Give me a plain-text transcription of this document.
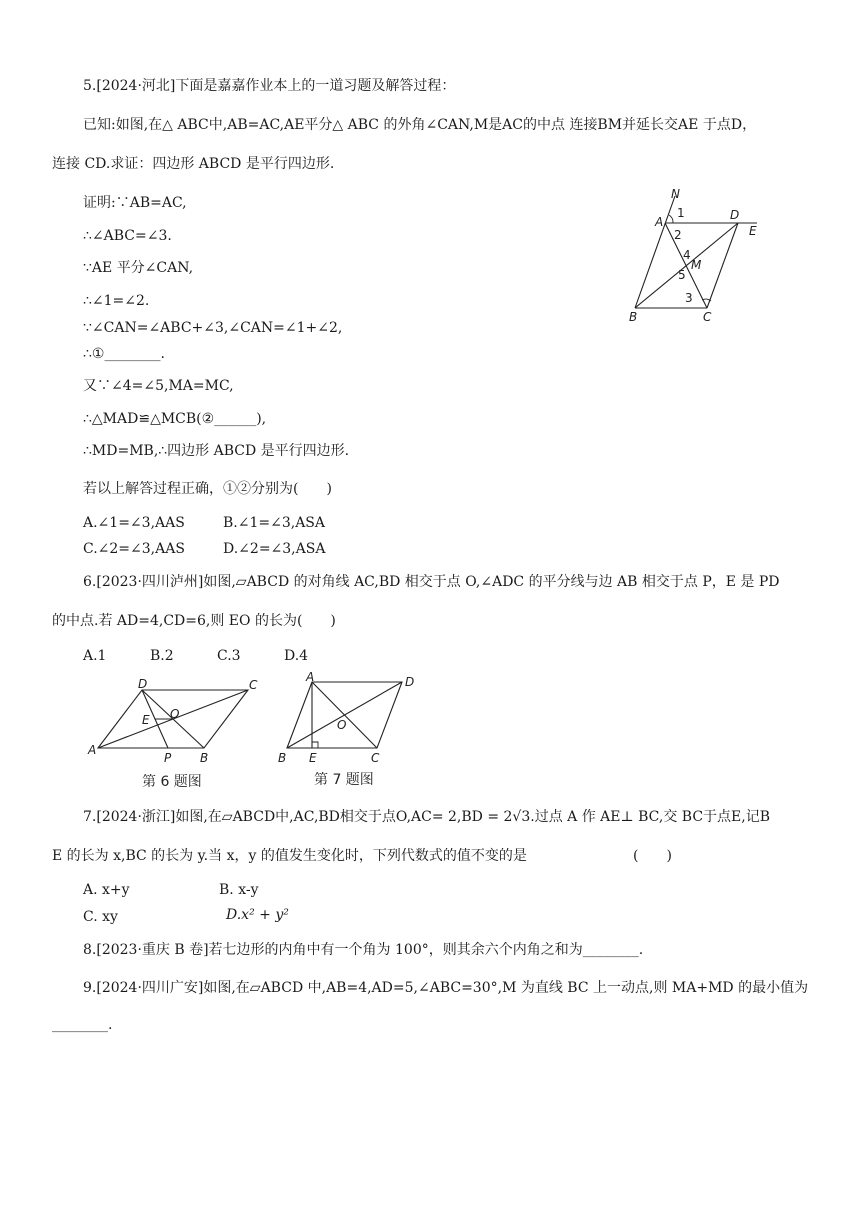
5.[2024·河北]下面是嘉嘉作业本上的一道习题及解答过程：
已知:如图,在△ ABC中,AB=AC,AE平分△ ABC 的外角∠CAN,M是AC的中点 连接BM并延长交AE 于点D，
连接 CD.求证：四边形 ABCD 是平行四边形.
证明:∵AB=AC,
∴∠ABC=∠3.
∵AE 平分∠CAN,
∴∠1=∠2.
∵∠CAN=∠ABC+∠3,∠CAN=∠1+∠2,
∴①________.
又∵∠4=∠5,MA=MC,
∴△MAD≌△MCB(②______),
∴MD=MB,∴四边形 ABCD 是平行四边形.
若以上解答过程正确，①②分别为(　　)
A.∠1=∠3,AAS	B.∠1=∠3,ASA
C.∠2=∠3,AAS	D.∠2=∠3,ASA
N
A
1	D
E
2
4
M
5
3
B	C
6.[2023·四川泸州]如图,▱ABCD 的对角线 AC,BD 相交于点 O,∠ADC 的平分线与边 AB 相交于点 P，E 是 PD
的中点.若 AD=4,CD=6,则 EO 的长为(　　)
A.1	B.2	C.3	D.4
D	C
E O
A
P B
第 6 题图
A	D
O
B E	C
第 7 题图
7.[2024·浙江]如图,在▱ABCD中,AC,BD相交于点O,AC= 2,BD = 2√3.过点 A 作 AE⊥ BC,交 BC于点E,记B
E 的长为 x,BC 的长为 y.当 x，y 的值发生变化时，下列代数式的值不变的是	(　　)
A. x+y	B. x-y
C. xy	D.x² + y²
8.[2023·重庆 B 卷]若七边形的内角中有一个角为 100°，则其余六个内角之和为________.
9.[2024·四川广安]如图,在▱ABCD 中,AB=4,AD=5,∠ABC=30°,M 为直线 BC 上一动点,则 MA+MD 的最小值为
________.
